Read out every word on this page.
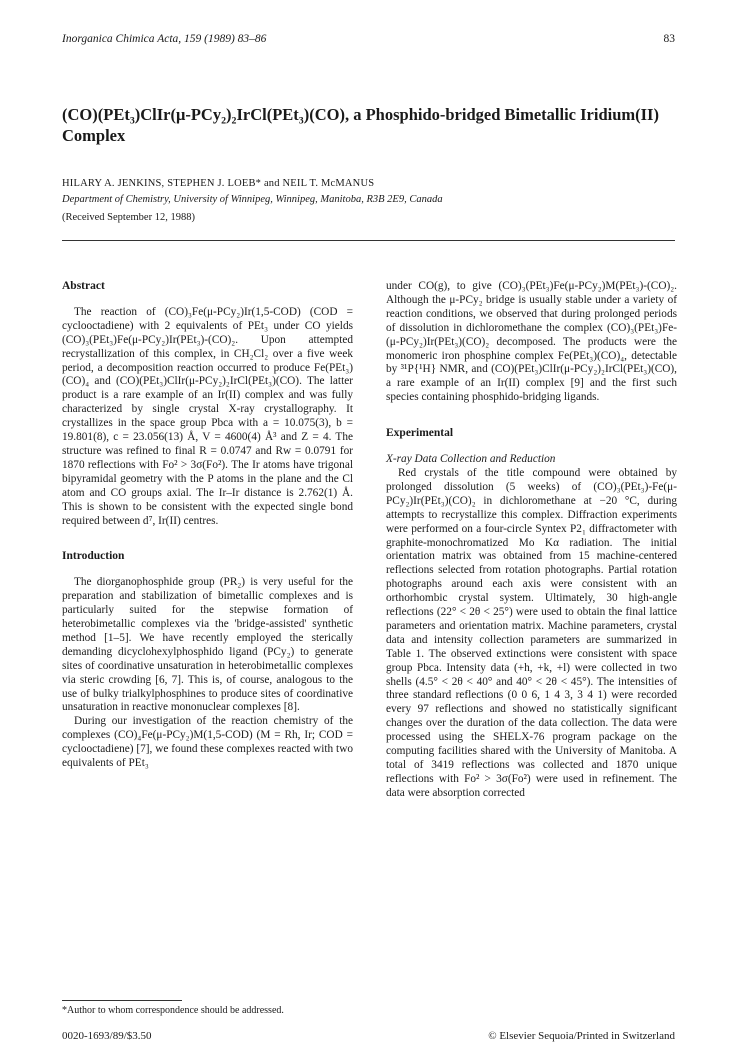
Inorganica Chimica Acta, 159 (1989) 83–86	83
(CO)(PEt₃)ClIr(μ-PCy₂)₂IrCl(PEt₃)(CO), a Phosphido-bridged Bimetallic Iridium(II) Complex
HILARY A. JENKINS, STEPHEN J. LOEB* and NEIL T. McMANUS
Department of Chemistry, University of Winnipeg, Winnipeg, Manitoba, R3B 2E9, Canada
(Received September 12, 1988)
Abstract

The reaction of (CO)₃Fe(μ-PCy₂)Ir(1,5-COD) (COD = cyclooctadiene) with 2 equivalents of PEt₃ under CO yields (CO)₃(PEt₃)Fe(μ-PCy₂)Ir(PEt₃)-(CO)₂. Upon attempted recrystallization of this complex, in CH₂Cl₂ over a five week period, a decomposition reaction occurred to produce Fe(PEt₃)(CO)₄ and (CO)(PEt₃)ClIr(μ-PCy₂)₂IrCl(PEt₃)(CO). The latter product is a rare example of an Ir(II) complex and was fully characterized by single crystal X-ray crystallography. It crystallizes in the space group Pbca with a = 10.075(3), b = 19.801(8), c = 23.056(13) Å, V = 4600(4) Å³ and Z = 4. The structure was refined to final R = 0.0747 and Rw = 0.0791 for 1870 reflections with Fo² > 3σ(Fo²). The Ir atoms have trigonal bipyramidal geometry with the P atoms in the plane and the Cl atom and CO groups axial. The Ir–Ir distance is 2.762(1) Å. This is shown to be consistent with the expected single bond required between d⁷, Ir(II) centres.

Introduction

The diorganophosphide group (PR₂) is very useful for the preparation and stabilization of bimetallic complexes and is particularly suited for the stepwise formation of heterobimetallic complexes via the 'bridge-assisted' synthetic method [1–5]. We have recently employed the sterically demanding dicyclohexylphosphido ligand (PCy₂) to generate sites of coordinative unsaturation in heterobimetallic complexes via steric crowding [6, 7]. This is, of course, analogous to the use of bulky trialkylphosphines to produce sites of coordinative unsaturation in reactive mononuclear complexes [8].

During our investigation of the reaction chemistry of the complexes (CO)₄Fe(μ-PCy₂)M(1,5-COD) (M = Rh, Ir; COD = cyclooctadiene) [7], we found these complexes reacted with two equivalents of PEt₃

under CO(g), to give (CO)₃(PEt₃)Fe(μ-PCy₂)M(PEt₃)-(CO)₂. Although the μ-PCy₂ bridge is usually stable under a variety of reaction conditions, we observed that during prolonged periods of dissolution in dichloromethane the complex (CO)₃(PEt₃)Fe-(μ-PCy₂)Ir(PEt₃)(CO)₂ decomposed. The products were the monomeric iron phosphine complex Fe(PEt₃)(CO)₄, detectable by ³¹P{¹H} NMR, and (CO)(PEt₃)ClIr(μ-PCy₂)₂IrCl(PEt₃)(CO), a rare example of an Ir(II) complex [9] and the first such species containing phosphido-bridging ligands.

Experimental
X-ray Data Collection and Reduction

Red crystals of the title compound were obtained by prolonged dissolution (5 weeks) of (CO)₃(PEt₃)-Fe(μ-PCy₂)Ir(PEt₃)(CO)₂ in dichloromethane at −20 °C, during attempts to recrystallize this complex. Diffraction experiments were performed on a four-circle Syntex P2₁ diffractometer with graphite-monochromatized Mo Kα radiation. The initial orientation matrix was obtained from 15 machine-centered reflections selected from rotation photographs. Partial rotation photographs around each axis were consistent with an orthorhombic crystal system. Ultimately, 30 high-angle reflections (22° < 2θ < 25°) were used to obtain the final lattice parameters and orientation matrix. Machine parameters, crystal data and intensity collection parameters are summarized in Table 1. The observed extinctions were consistent with space group Pbca. Intensity data (+h, +k, +l) were collected in two shells (4.5° < 2θ < 40° and 40° < 2θ < 45°). The intensities of three standard reflections (0 0 6, 1 4 3, 3 4 1) were recorded every 97 reflections and showed no statistically significant changes over the duration of the data collection. The data were processed using the SHELX-76 program package on the computing facilities shared with the University of Manitoba. A total of 3419 reflections was collected and 1870 unique reflections with Fo² > 3σ(Fo²) were used in refinement. The data were absorption corrected

*Author to whom correspondence should be addressed.
0020-1693/89/$3.50	© Elsevier Sequoia/Printed in Switzerland
